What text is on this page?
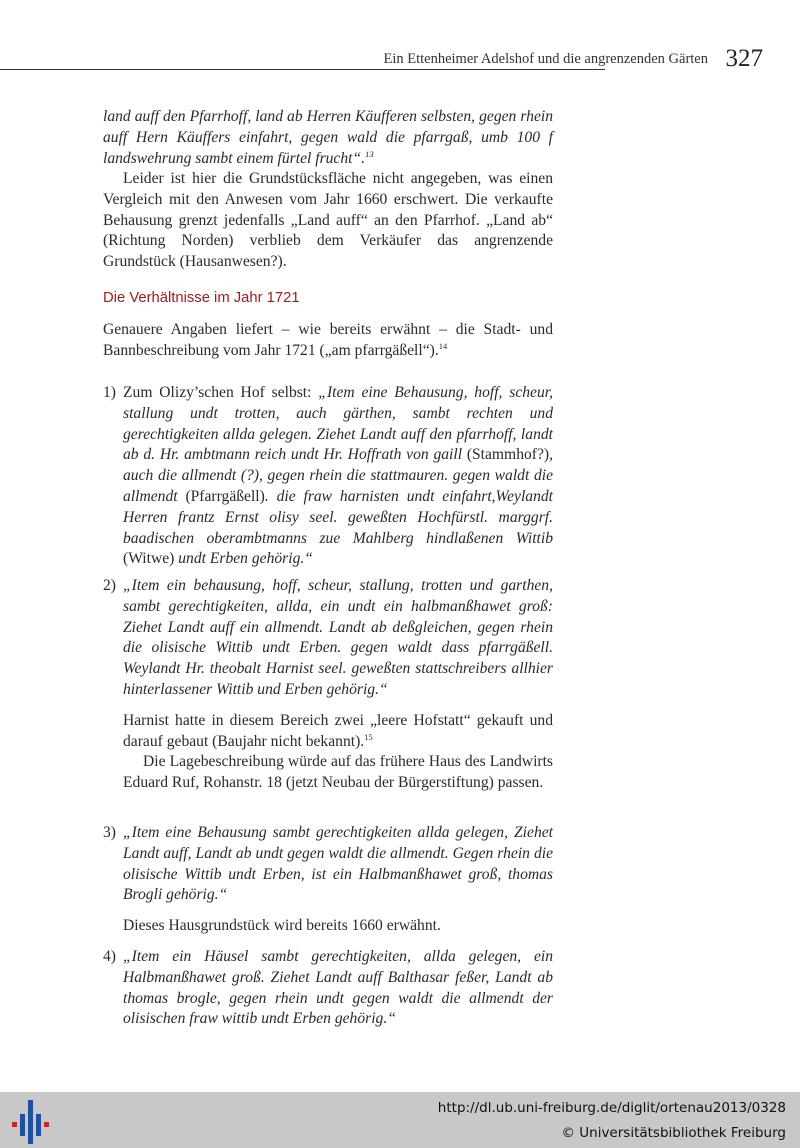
Ein Ettenheimer Adelshof und die angrenzenden Gärten 327
land auff den Pfarrhoff, land ab Herren Käufferen selbsten, gegen rhein auff Hern Käuffers einfahrt, gegen wald die pfarrgaß, umb 100 f landswehrung sambt einem fürtel frucht“.$^{13}$
Leider ist hier die Grundstücksfläche nicht angegeben, was einen Vergleich mit den Anwesen vom Jahr 1660 erschwert. Die verkaufte Behausung grenzt jedenfalls „Land auff“ an den Pfarrhof. „Land ab“ (Richtung Norden) verblieb dem Verkäufer das angrenzende Grundstück (Hausanwesen?).
Die Verhältnisse im Jahr 1721
Genauere Angaben liefert – wie bereits erwähnt – die Stadt- und Bannbeschreibung vom Jahr 1721 („am pfarrgäßell“).$^{14}$
1) Zum Olizy’schen Hof selbst: „Item eine Behausung, hoff, scheur, stallung undt trotten, auch gärthen, sambt rechten und gerechtigkeiten allda gelegen. Ziehet Landt auff den pfarrhoff, landt ab d. Hr. ambtmann reich undt Hr. Hoffrath von gaill (Stammhof?), auch die allmendt (?), gegen rhein die stattmauren. gegen waldt die allmendt (Pfarrgäßell). die fraw harnisten undt einfahrt,Weylandt Herren frantz Ernst olisy seel. gewеßten Hochfürstl. marggrf. baadischen oberambtmanns zue Mahlberg hindlaßenen Wittib (Witwe) undt Erben gehörig.“
2) „Item ein behausung, hoff, scheur, stallung, trotten und garthen, sambt gerechtigkeiten, allda, ein undt ein halbmanßhawet groß: Ziehet Landt auff ein allmendt. Landt ab deßgleichen, gegen rhein die olisische Wittib undt Erben. gegen waldt dass pfarrgäßell. Weylandt Hr. theobalt Harnist seel. gewеßten stattschreibers allhier hinterlassener Wittib und Erben gehörig.“
Harnist hatte in diesem Bereich zwei „leere Hofstatt“ gekauft und darauf gebaut (Baujahr nicht bekannt).$^{15}$
Die Lagebeschreibung würde auf das frühere Haus des Landwirts Eduard Ruf, Rohanstr. 18 (jetzt Neubau der Bürgerstiftung) passen.
3) „Item eine Behausung sambt gerechtigkeiten allda gelegen, Ziehet Landt auff, Landt ab undt gegen waldt die allmendt. Gegen rhein die olisische Wittib undt Erben, ist ein Halbmanßhawet groß, thomas Brogli gehörig.“
Dieses Hausgrundstück wird bereits 1660 erwähnt.
4) „Item ein Häusel sambt gerechtigkeiten, allda gelegen, ein Halbmanßhawet groß. Ziehet Landt auff Balthasar feßer, Landt ab thomas brogle, gegen rhein undt gegen waldt die allmendt der olisischen fraw wittib undt Erben gehörig.“
http://dl.ub.uni-freiburg.de/diglit/ortenau2013/0328
© Universitätsbibliothek Freiburg
